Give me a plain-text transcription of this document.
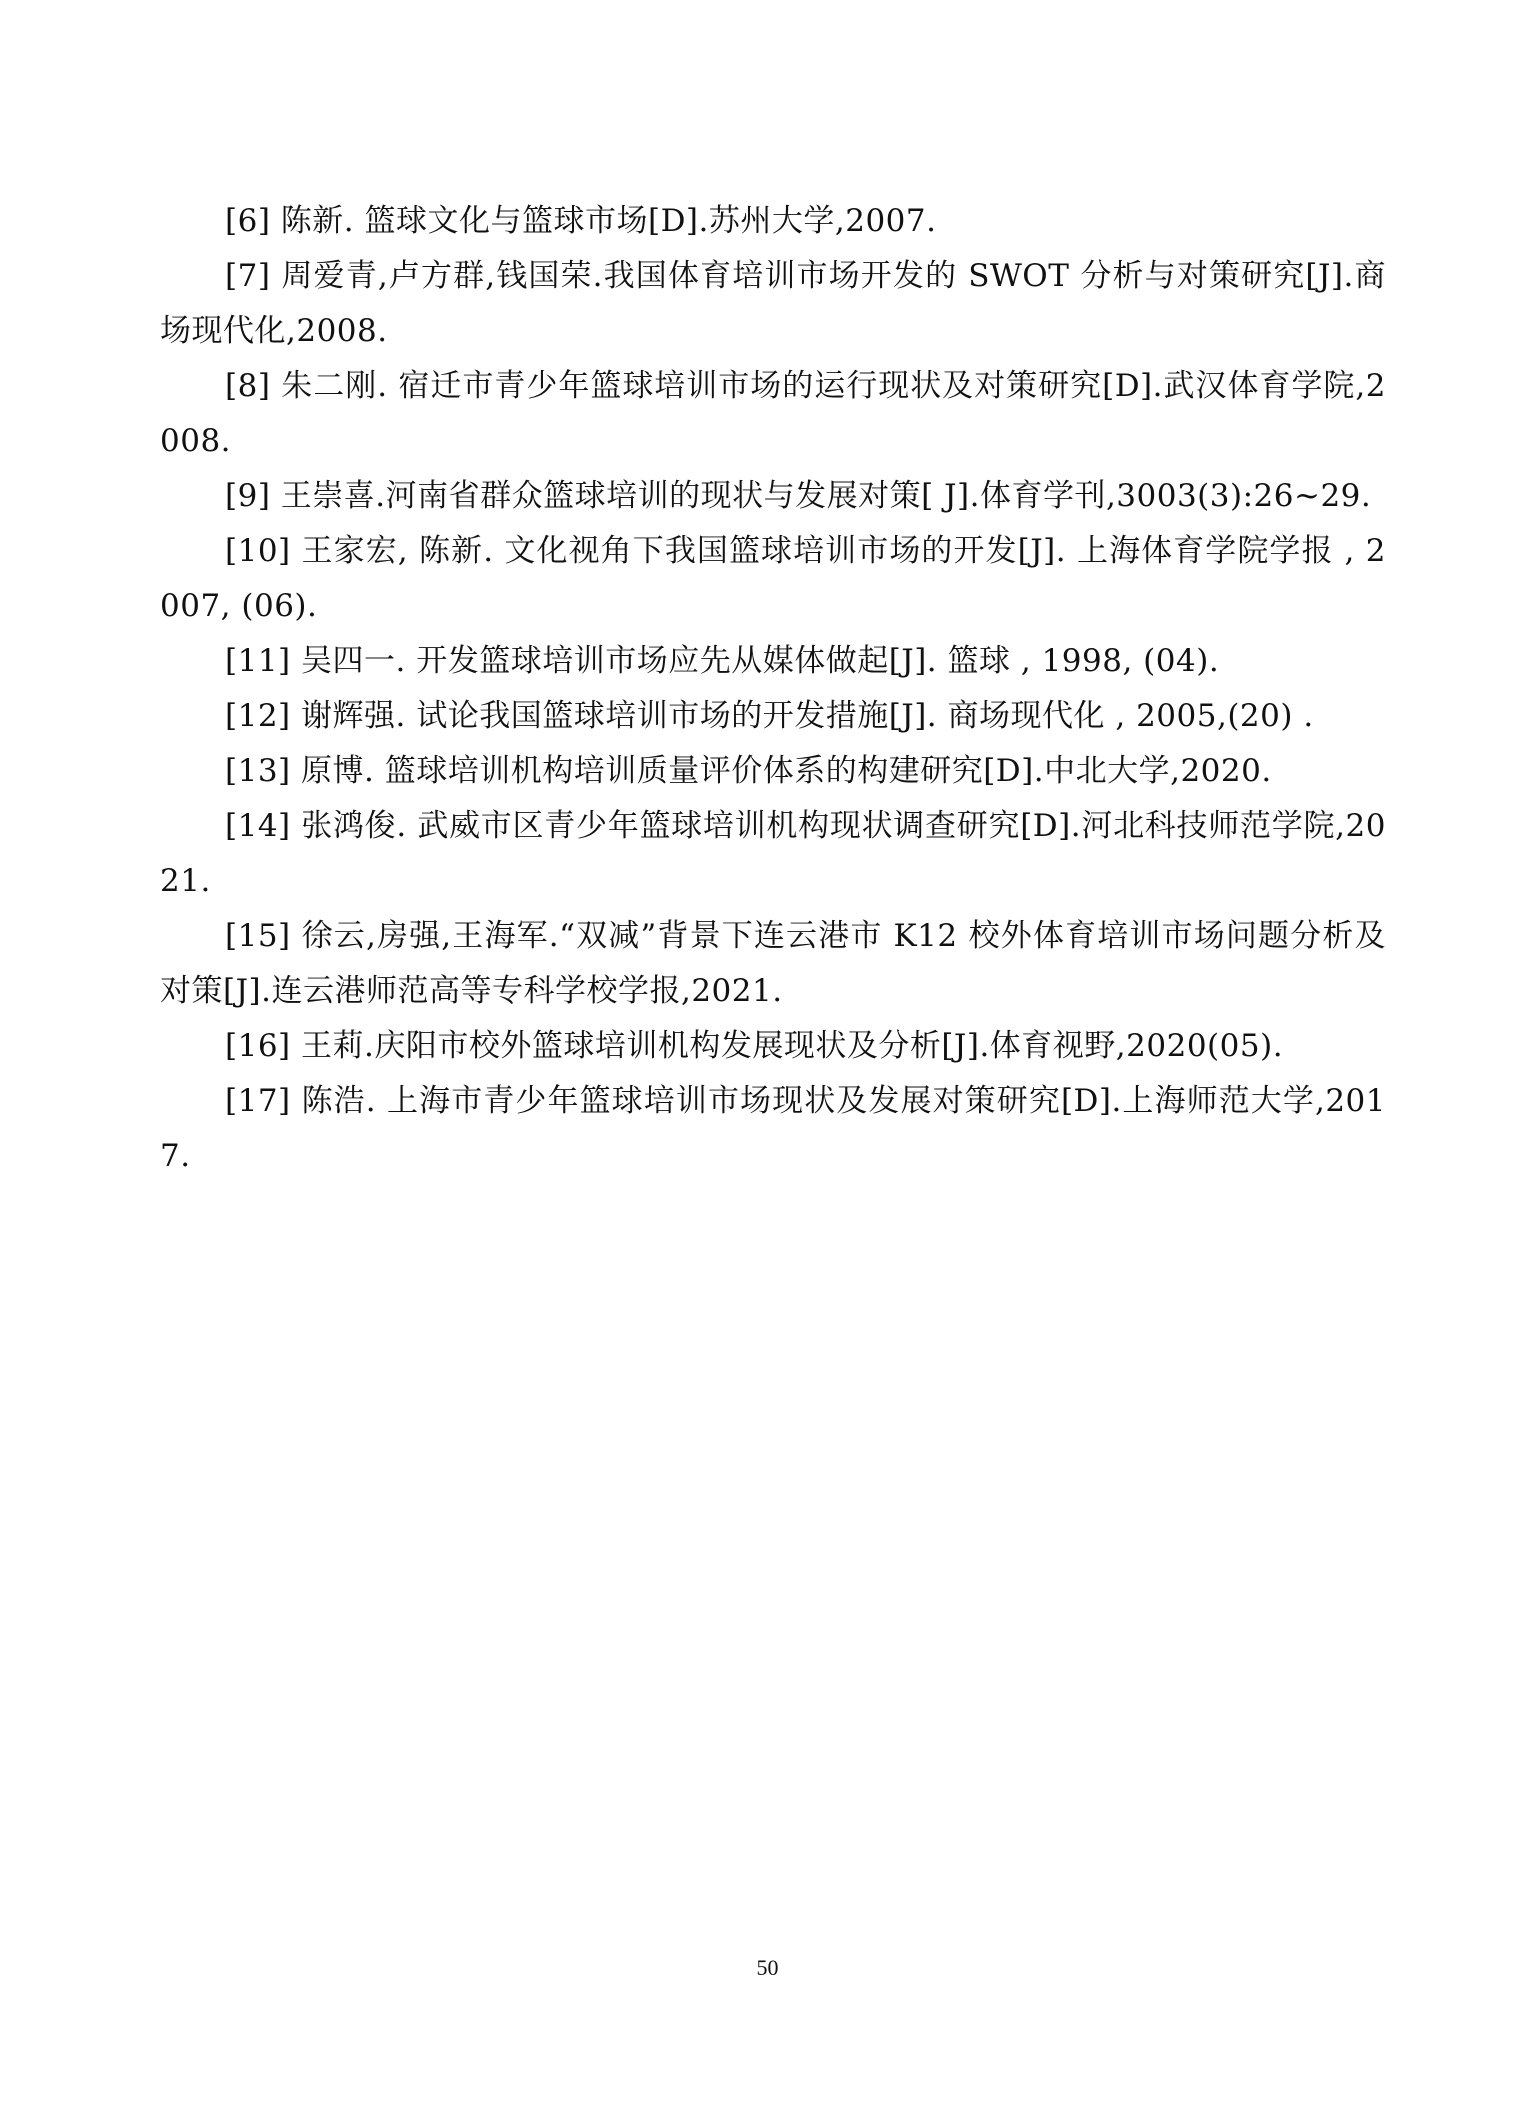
[6] 陈新. 篮球文化与篮球市场[D].苏州大学,2007.

[7] 周爱青,卢方群,钱国荣.我国体育培训市场开发的 SWOT 分析与对策研究[J].商场现代化,2008.

[8] 朱二刚. 宿迁市青少年篮球培训市场的运行现状及对策研究[D].武汉体育学院,2008.

[9] 王崇喜.河南省群众篮球培训的现状与发展对策[ J].体育学刊,3003(3):26~29.

[10] 王家宏, 陈新. 文化视角下我国篮球培训市场的开发[J]. 上海体育学院学报 , 2007, (06).

[11] 吴四一. 开发篮球培训市场应先从媒体做起[J]. 篮球 , 1998, (04).

[12] 谢辉强. 试论我国篮球培训市场的开发措施[J]. 商场现代化 , 2005,(20) .

[13] 原博. 篮球培训机构培训质量评价体系的构建研究[D].中北大学,2020.

[14] 张鸿俊. 武威市区青少年篮球培训机构现状调查研究[D].河北科技师范学院,2021.

[15] 徐云,房强,王海军.“双减”背景下连云港市 K12 校外体育培训市场问题分析及对策[J].连云港师范高等专科学校学报,2021.

[16] 王莉.庆阳市校外篮球培训机构发展现状及分析[J].体育视野,2020(05).

[17] 陈浩. 上海市青少年篮球培训市场现状及发展对策研究[D].上海师范大学,2017.

50
